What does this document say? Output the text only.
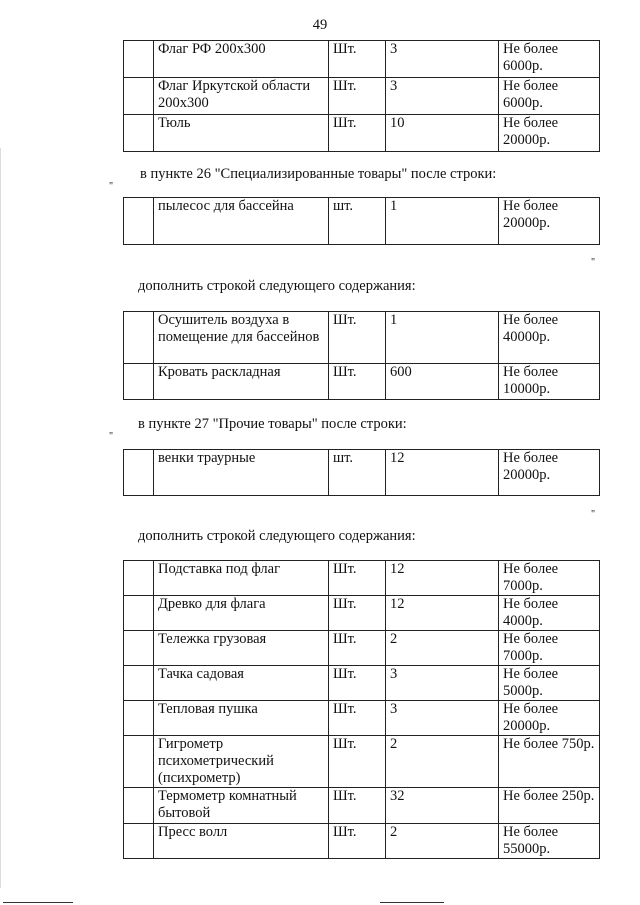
49
	Флаг РФ 200х300	Шт.	3	Не более 6000р.
	Флаг Иркутской области 200х300	Шт.	3	Не более 6000р.
	Тюль	Шт.	10	Не более 20000р.
"
в пункте 26 "Специализированные товары" после строки:
	пылесос для бассейна	шт.	1	Не более 20000р.
"
дополнить строкой следующего содержания:
	Осушитель воздуха в помещение для бассейнов	Шт.	1	Не более 40000р.
	Кровать раскладная	Шт.	600	Не более 10000р.
"
в пункте 27 "Прочие товары" после строки:
	венки траурные	шт.	12	Не более 20000р.
"
дополнить строкой следующего содержания:
	Подставка под флаг	Шт.	12	Не более 7000р.
	Древко для флага	Шт.	12	Не более 4000р.
	Тележка грузовая	Шт.	2	Не более 7000р.
	Тачка садовая	Шт.	3	Не более 5000р.
	Тепловая пушка	Шт.	3	Не более 20000р.
	Гигрометр психометрический (психрометр)	Шт.	2	Не более 750р.
	Термометр комнатный бытовой	Шт.	32	Не более 250р.
	Пресс волл	Шт.	2	Не более 55000р.
